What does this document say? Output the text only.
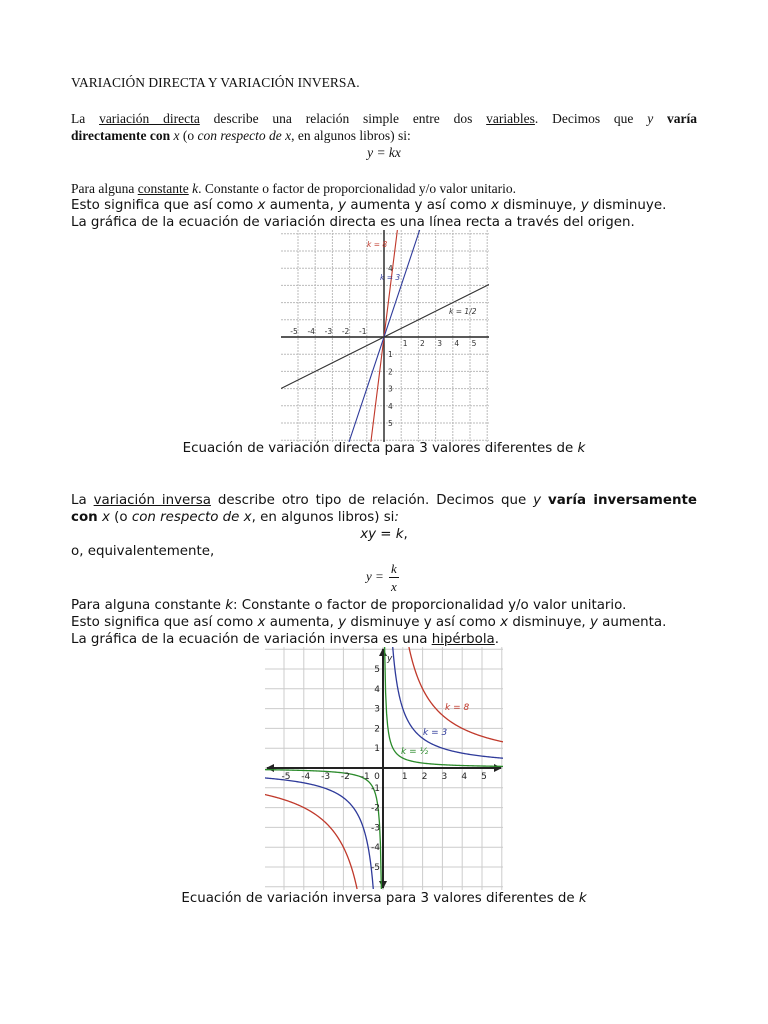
VARIACIÓN DIRECTA Y VARIACIÓN INVERSA.
La variación directa describe una relación simple entre dos variables. Decimos que y varía
directamente con x (o con respecto de x, en algunos libros) si:
y = kx
Para alguna constante k. Constante o factor de proporcionalidad y/o valor unitario.
Esto significa que así como x aumenta, y aumenta y así como x disminuye, y disminuye.
La gráfica de la ecuación de variación directa es una línea recta a través del origen.
-5 -4 -3 -2 -1
1 2 3 4 5
4
1
2
3
4
5
k = 8
k = 3
k = 1/2
Ecuación de variación directa para 3 valores diferentes de k
La variación inversa describe otro tipo de relación. Decimos que y varía inversamente
con x (o con respecto de x, en algunos libros) si:
xy = k,
o, equivalentemente,
$y = \frac{k}{x}$
Para alguna constante k: Constante o factor de proporcionalidad y/o valor unitario.
Esto significa que así como x aumenta, y disminuye y así como x disminuye, y aumenta.
La gráfica de la ecuación de variación inversa es una hipérbola.
-5 -4 -3 -2 -1 0 1 2 3 4 5
5
4
3
2
1
-1
-2
-3
-4
-5
y
k = 8
k = 3
k = ½
Ecuación de variación inversa para 3 valores diferentes de k
